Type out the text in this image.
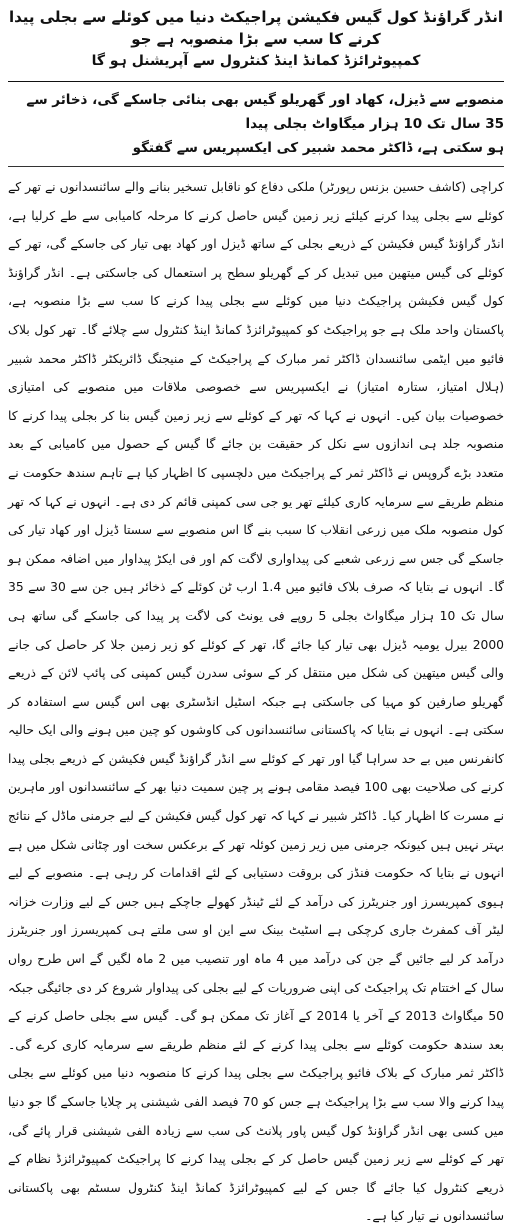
انڈر گراؤنڈ کول گیس فکیشن پراجیکٹ دنیا میں کوئلے سے بجلی پیدا کرنے کا سب سے بڑا منصوبہ ہے جو
کمپیوٹرائزڈ کمانڈ اینڈ کنٹرول سے آپریشنل ہو گا
منصوبے سے ڈیزل، کھاد اور گھریلو گیس بھی بنائی جاسکے گی، ذخائر سے 35 سال تک 10 ہزار میگاواٹ بجلی پیدا
ہو سکتی ہے، ڈاکٹر محمد شبیر کی ایکسپریس سے گفتگو

کراچی (کاشف حسین بزنس رپورٹر) ملکی دفاع کو ناقابل تسخیر بنانے والے سائنسدانوں نے تھر کے کوئلے سے بجلی پیدا کرنے کیلئے زیر زمین گیس حاصل کرنے کا مرحلہ کامیابی سے طے کرلیا ہے، انڈر گراؤنڈ گیس فکیشن کے ذریعے بجلی کے ساتھ ڈیزل اور کھاد بھی تیار کی جاسکے گی، تھر کے کوئلے کی گیس میتھین میں تبدیل کر کے گھریلو سطح پر استعمال کی جاسکتی ہے۔ انڈر گراؤنڈ کول گیس فکیشن پراجیکٹ دنیا میں کوئلے سے بجلی پیدا کرنے کا سب سے بڑا منصوبہ ہے، پاکستان واحد ملک ہے جو پراجیکٹ کو کمپیوٹرائزڈ کمانڈ اینڈ کنٹرول سے چلائے گا۔ تھر کول بلاک فائیو میں ایٹمی سائنسدان ڈاکٹر ثمر مبارک کے پراجیکٹ کے منیجنگ ڈائریکٹر ڈاکٹر محمد شبیر (ہلال امتیاز، ستارہ امتیاز) نے ایکسپریس سے خصوصی ملاقات میں منصوبے کی امتیازی خصوصیات بیان کیں۔ انہوں نے کہا کہ تھر کے کوئلے سے زیر زمین گیس بنا کر بجلی پیدا کرنے کا منصوبہ جلد ہی اندازوں سے نکل کر حقیقت بن جائے گا گیس کے حصول میں کامیابی کے بعد متعدد بڑے گروپس نے ڈاکٹر ثمر کے پراجیکٹ میں دلچسپی کا اظہار کیا ہے تاہم سندھ حکومت نے منظم طریقے سے سرمایہ کاری کیلئے تھر یو جی سی کمپنی قائم کر دی ہے۔ انہوں نے کہا کہ تھر کول منصوبہ ملک میں زرعی انقلاب کا سبب بنے گا اس منصوبے سے سستا ڈیزل اور کھاد تیار کی جاسکے گی جس سے زرعی شعبے کی پیداواری لاگت کم اور فی ایکڑ پیداوار میں اضافہ ممکن ہو گا۔ انہوں نے بتایا کہ صرف بلاک فائیو میں 1.4 ارب ٹن کوئلے کے ذخائر ہیں جن سے 30 سے 35 سال تک 10 ہزار میگاواٹ بجلی 5 روپے فی یونٹ کی لاگت پر پیدا کی جاسکے گی ساتھ ہی 2000 بیرل یومیہ ڈیزل بھی تیار کیا جائے گا، تھر کے کوئلے کو زیر زمین جلا کر حاصل کی جانے والی گیس میتھین کی شکل میں منتقل کر کے سوئی سدرن گیس کمپنی کی پائپ لائن کے ذریعے گھریلو صارفین کو مہیا کی جاسکتی ہے جبکہ اسٹیل انڈسٹری بھی اس گیس سے استفادہ کر سکتی ہے۔ انہوں نے بتایا کہ پاکستانی سائنسدانوں کی کاوشوں کو چین میں ہونے والی ایک حالیہ کانفرنس میں بے حد سراہا گیا اور تھر کے کوئلے سے انڈر گراؤنڈ گیس فکیشن کے ذریعے بجلی پیدا کرنے کی صلاحیت بھی 100 فیصد مقامی ہونے پر چین سمیت دنیا بھر کے سائنسدانوں اور ماہرین نے مسرت کا اظہار کیا۔ ڈاکٹر شبیر نے کہا کہ تھر کول گیس فکیشن کے لیے جرمنی ماڈل کے نتائج بہتر نہیں ہیں کیونکہ جرمنی میں زیر زمین کوئلہ تھر کے برعکس سخت اور چٹانی شکل میں ہے انہوں نے بتایا کہ حکومت فنڈز کی بروقت دستیابی کے لئے اقدامات کر رہی ہے۔ منصوبے کے لیے ہیوی کمپریسرز اور جنریٹرز کی درآمد کے لئے ٹینڈر کھولے جاچکے ہیں جس کے لیے وزارت خزانہ لیٹر آف کمفرٹ جاری کرچکی ہے اسٹیٹ بینک سے این او سی ملتے ہی کمپریسرز اور جنریٹرز درآمد کر لیے جائیں گے جن کی درآمد میں 4 ماہ اور تنصیب میں 2 ماہ لگیں گے اس طرح رواں سال کے اختتام تک پراجیکٹ کی اپنی ضروریات کے لیے بجلی کی پیداوار شروع کر دی جائیگی جبکہ 50 میگاواٹ 2013 کے آخر یا 2014 کے آغاز تک ممکن ہو گی۔ گیس سے بجلی حاصل کرنے کے بعد سندھ حکومت کوئلے سے بجلی پیدا کرنے کے لئے منظم طریقے سے سرمایہ کاری کرے گی۔ ڈاکٹر ثمر مبارک کے بلاک فائیو پراجیکٹ سے بجلی پیدا کرنے کا منصوبہ دنیا میں کوئلے سے بجلی پیدا کرنے والا سب سے بڑا پراجیکٹ ہے جس کو 70 فیصد الفی شیشنی پر چلایا جاسکے گا جو دنیا میں کسی بھی انڈر گراؤنڈ کول گیس پاور پلانٹ کی سب سے زیادہ الفی شیشنی قرار پائے گی، تھر کے کوئلے سے زیر زمین گیس حاصل کر کے بجلی پیدا کرنے کا پراجیکٹ کمپیوٹرائزڈ نظام کے ذریعے کنٹرول کیا جائے گا جس کے لیے کمپیوٹرائزڈ کمانڈ اینڈ کنٹرول سسٹم بھی پاکستانی سائنسدانوں نے تیار کیا ہے۔
